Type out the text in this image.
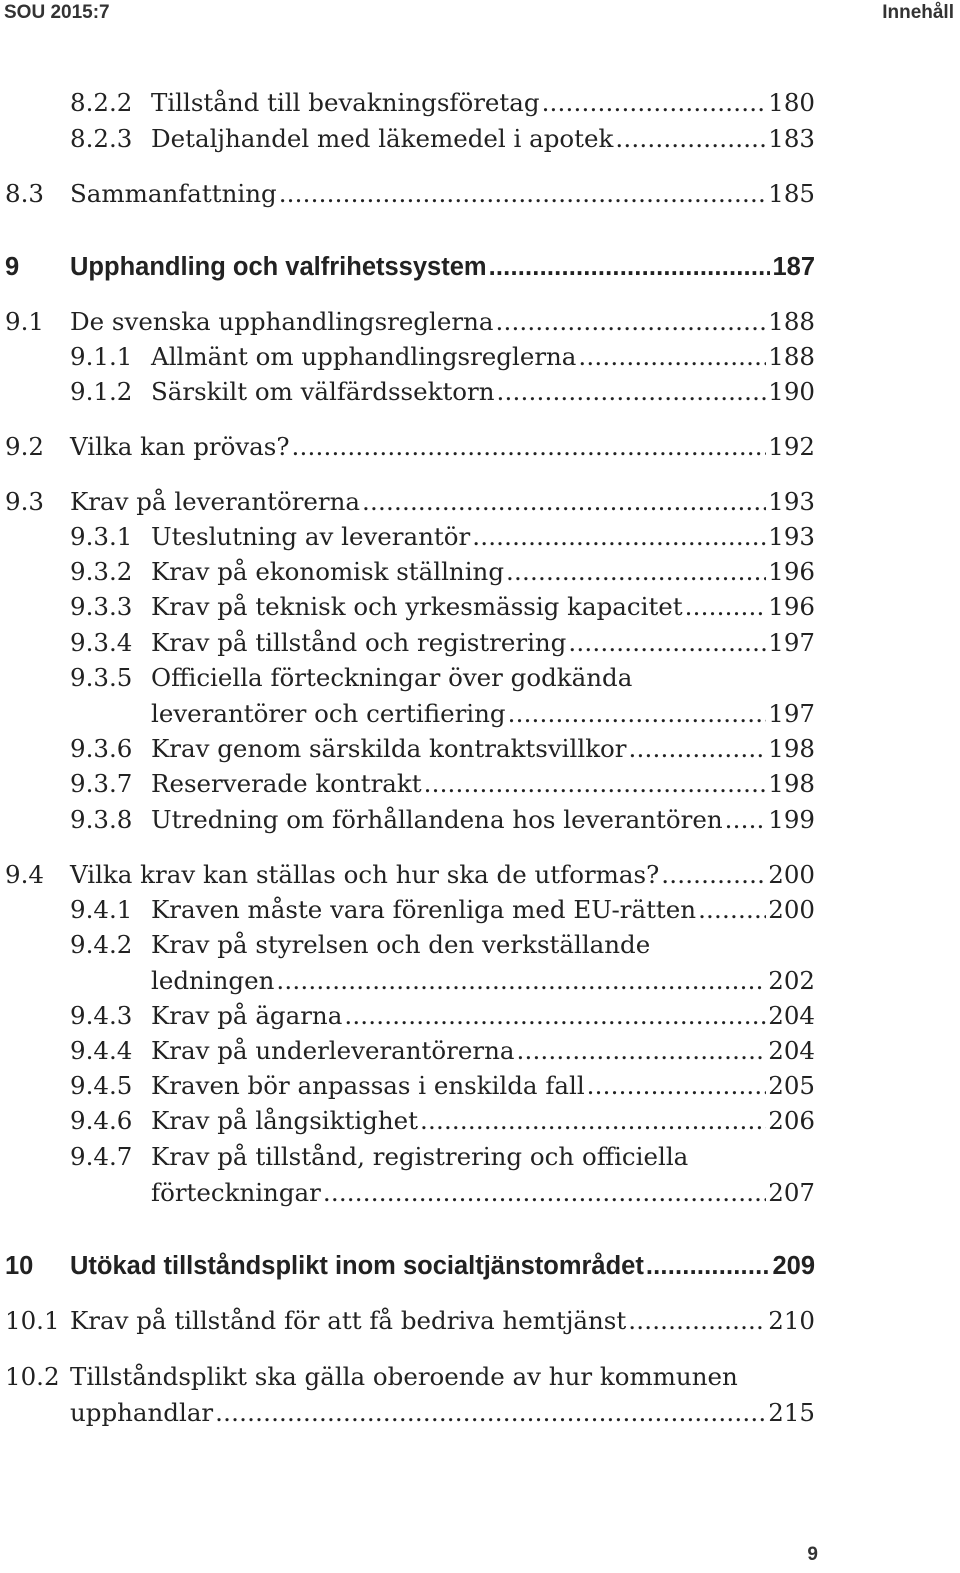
SOU 2015:7	Innehåll
8.2.2 Tillstånd till bevakningsföretag .....	180
8.2.3 Detaljhandel med läkemedel i apotek .....	183
8.3 Sammanfattning .....	185
9 Upphandling och valfrihetssystem .....	187
9.1 De svenska upphandlingsreglerna .....	188
9.1.1 Allmänt om upphandlingsreglerna .....	188
9.1.2 Särskilt om välfärdssektorn .....	190
9.2 Vilka kan prövas? .....	192
9.3 Krav på leverantörerna .....	193
9.3.1 Uteslutning av leverantör .....	193
9.3.2 Krav på ekonomisk ställning .....	196
9.3.3 Krav på teknisk och yrkesmässig kapacitet .....	196
9.3.4 Krav på tillstånd och registrering .....	197
9.3.5 Officiella förteckningar över godkända
leverantörer och certifiering .....	197
9.3.6 Krav genom särskilda kontraktsvillkor .....	198
9.3.7 Reserverade kontrakt .....	198
9.3.8 Utredning om förhållandena hos leverantören ..... 199
9.4 Vilka krav kan ställas och hur ska de utformas? .....	200
9.4.1 Kraven måste vara förenliga med EU-rätten .....	200
9.4.2 Krav på styrelsen och den verkställande
ledningen .....	202
9.4.3 Krav på ägarna .....	204
9.4.4 Krav på underleverantörerna .....	204
9.4.5 Kraven bör anpassas i enskilda fall .....	205
9.4.6 Krav på långsiktighet .....	206
9.4.7 Krav på tillstånd, registrering och officiella
förteckningar .....	207
10 Utökad tillståndsplikt inom socialtjänstområdet .....	209
10.1 Krav på tillstånd för att få bedriva hemtjänst .....	210
10.2 Tillståndsplikt ska gälla oberoende av hur kommunen
upphandlar .....	215
9
